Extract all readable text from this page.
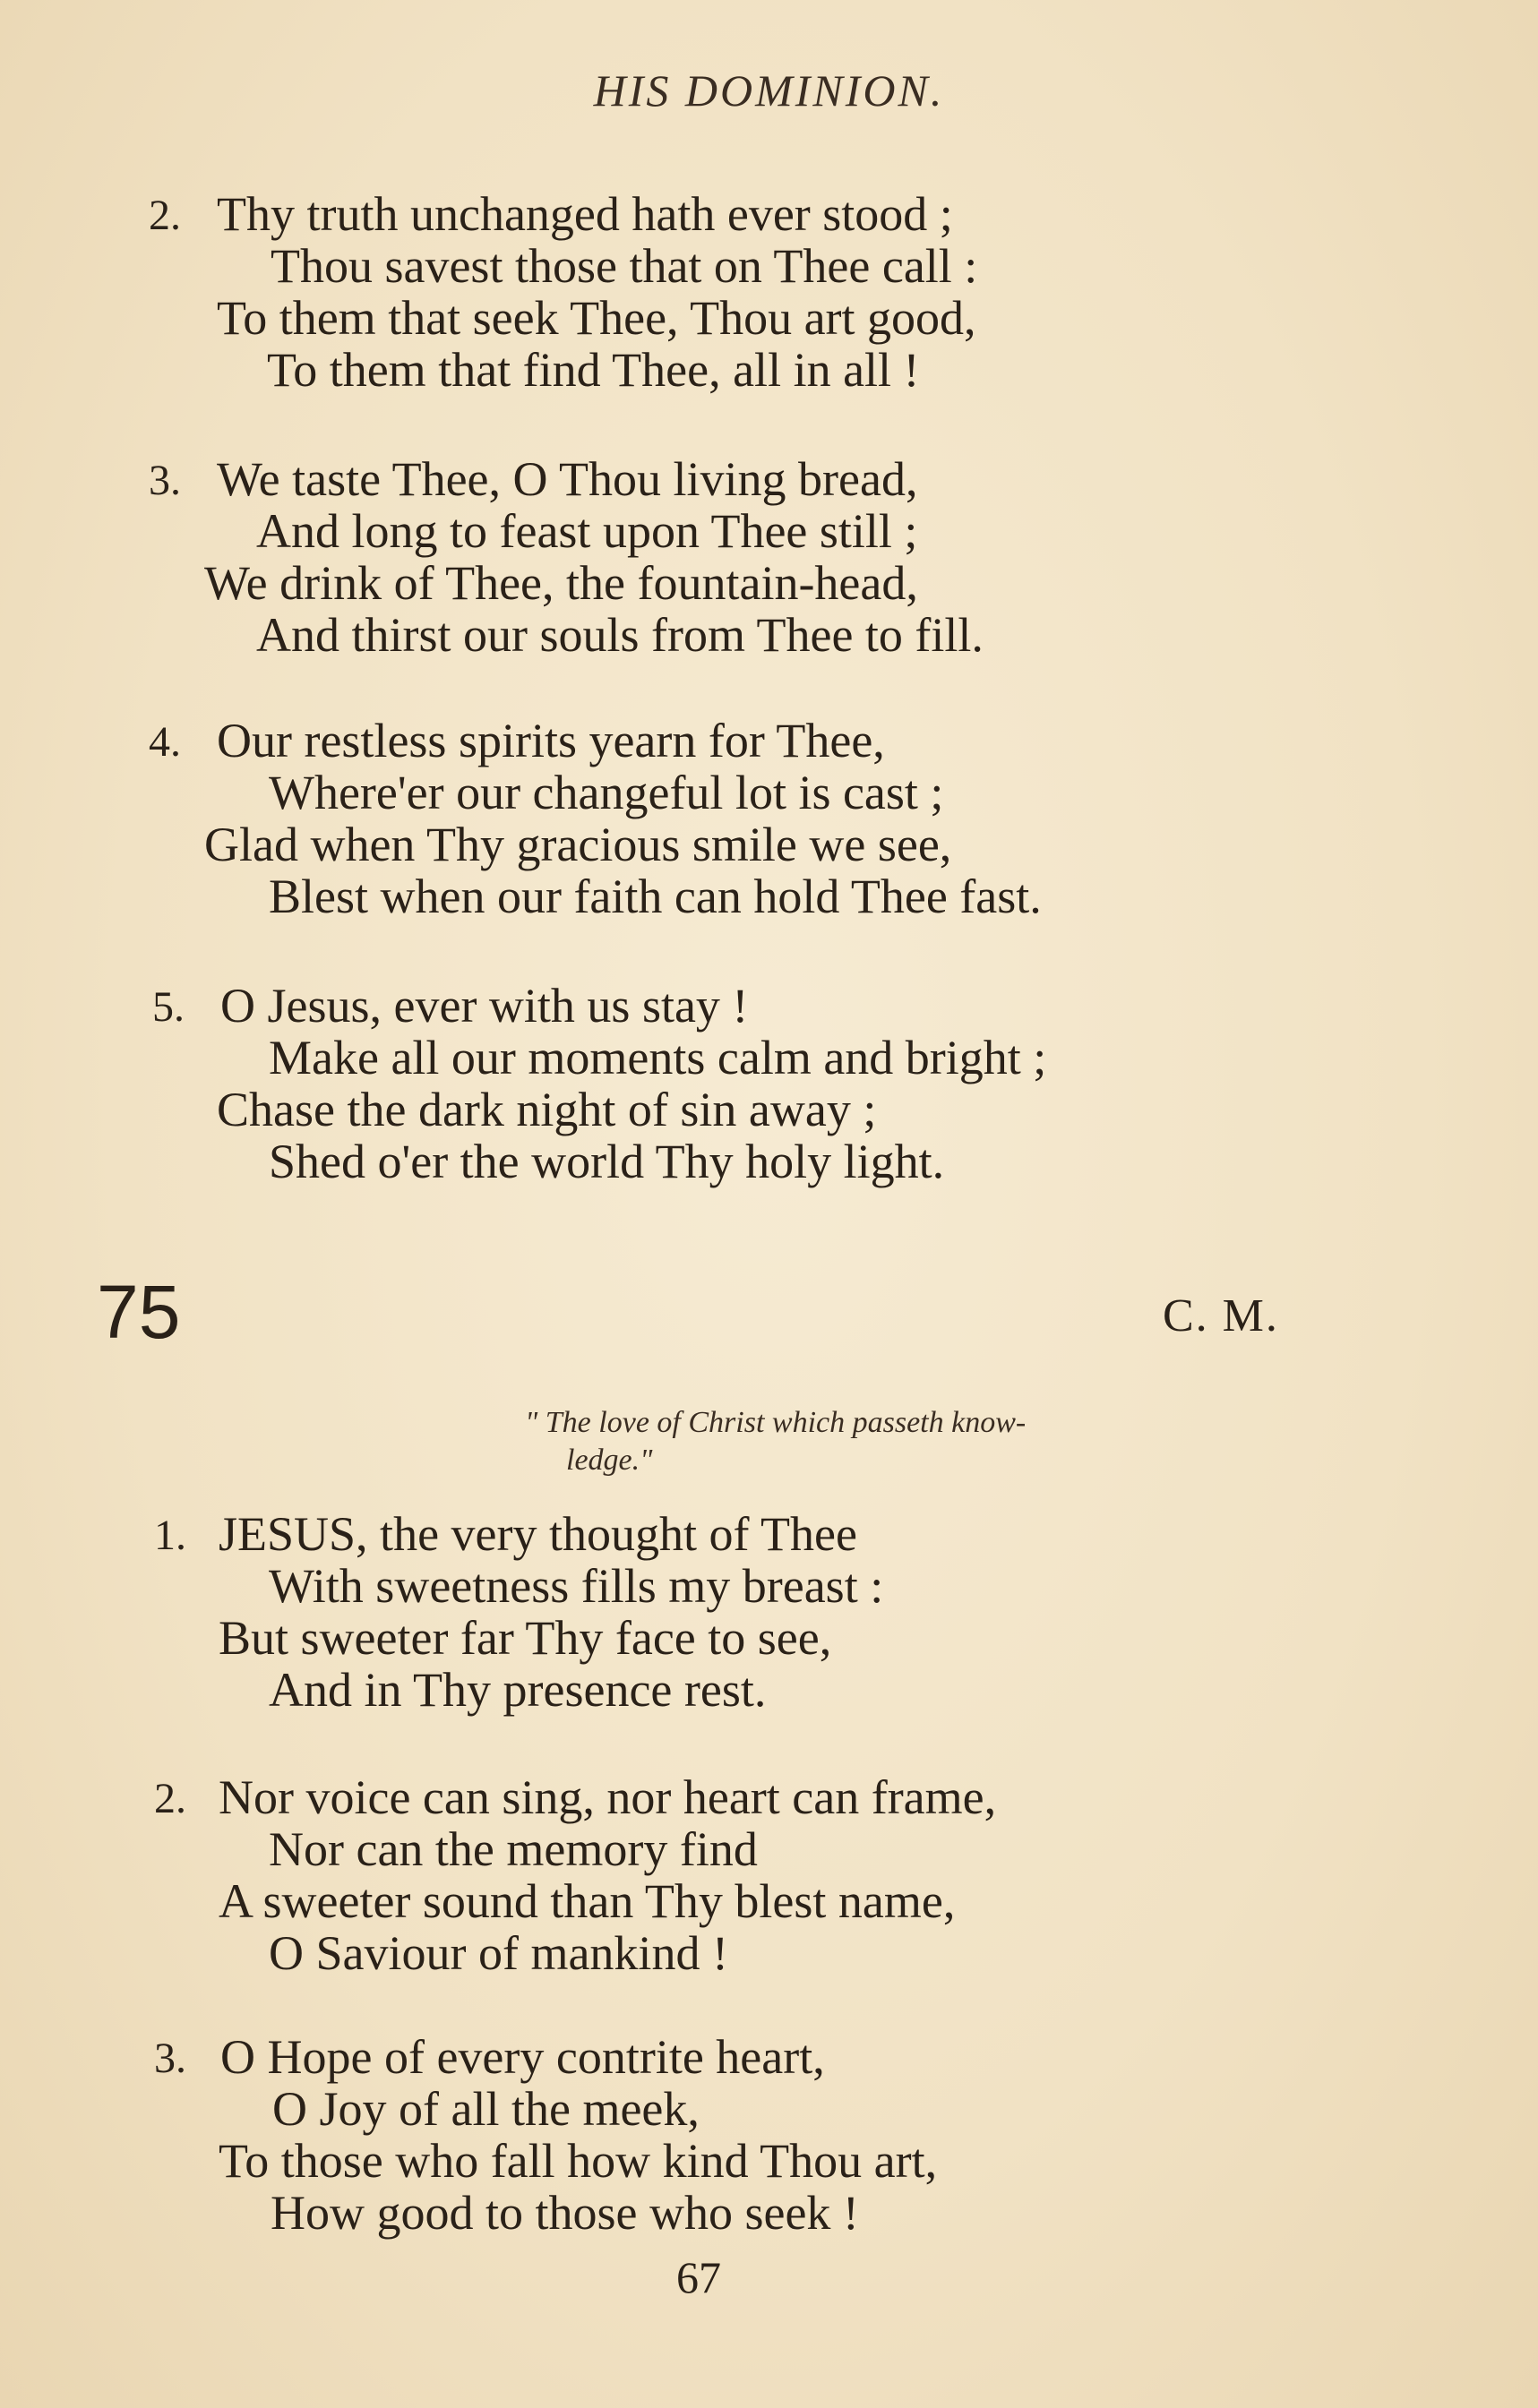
HIS DOMINION.
2. Thy truth unchanged hath ever stood ;
Thou savest those that on Thee call :
To them that seek Thee, Thou art good,
To them that find Thee, all in all !
3. We taste Thee, O Thou living bread,
And long to feast upon Thee still ;
We drink of Thee, the fountain-head,
And thirst our souls from Thee to fill.
4. Our restless spirits yearn for Thee,
Where'er our changeful lot is cast ;
Glad when Thy gracious smile we see,
Blest when our faith can hold Thee fast.
5. O Jesus, ever with us stay !
Make all our moments calm and bright ;
Chase the dark night of sin away ;
Shed o'er the world Thy holy light.
75	C. M.
" The love of Christ which passeth know-
ledge."
1. JESUS, the very thought of Thee
With sweetness fills my breast :
But sweeter far Thy face to see,
And in Thy presence rest.
2. Nor voice can sing, nor heart can frame,
Nor can the memory find
A sweeter sound than Thy blest name,
O Saviour of mankind !
3. O Hope of every contrite heart,
O Joy of all the meek,
To those who fall how kind Thou art,
How good to those who seek !
67
